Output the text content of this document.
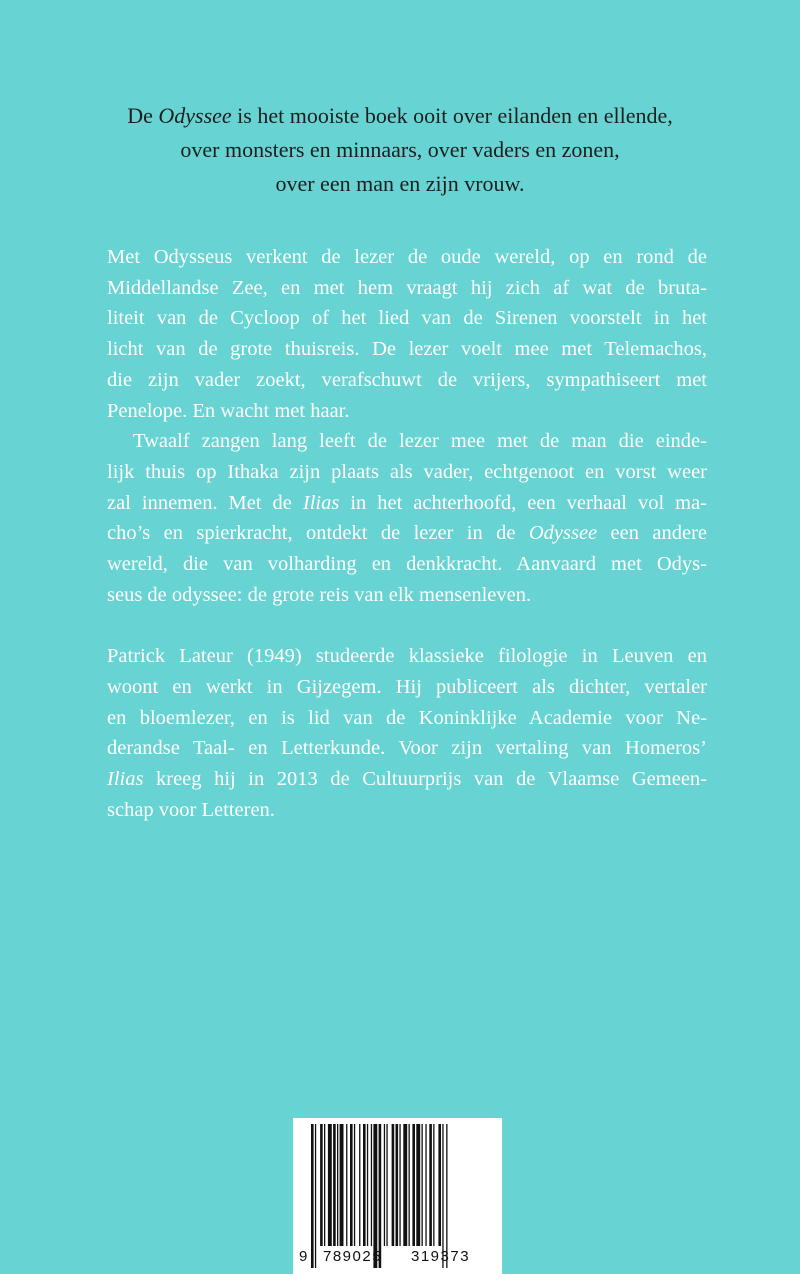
De Odyssee is het mooiste boek ooit over eilanden en ellende,
over monsters en minnaars, over vaders en zonen,
over een man en zijn vrouw.

Met Odysseus verkent de lezer de oude wereld, op en rond de
Middellandse Zee, en met hem vraagt hij zich af wat de bruta-
liteit van de Cycloop of het lied van de Sirenen voorstelt in het
licht van de grote thuisreis. De lezer voelt mee met Telemachos,
die zijn vader zoekt, verafschuwt de vrijers, sympathiseert met
Penelope. En wacht met haar.

Twaalf zangen lang leeft de lezer mee met de man die einde-
lijk thuis op Ithaka zijn plaats als vader, echtgenoot en vorst weer
zal innemen. Met de Ilias in het achterhoofd, een verhaal vol ma-
cho’s en spierkracht, ontdekt de lezer in de Odyssee een andere
wereld, die van volharding en denkkracht. Aanvaard met Odys-
seus de odyssee: de grote reis van elk mensenleven.

Patrick Lateur (1949) studeerde klassieke filologie in Leuven en
woont en werkt in Gijzegem. Hij publiceert als dichter, vertaler
en bloemlezer, en is lid van de Koninklijke Academie voor Ne-
derandse Taal- en Letterkunde. Voor zijn vertaling van Homeros’
Ilias kreeg hij in 2013 de Cultuurprijs van de Vlaamse Gemeen-
schap voor Letteren.

9 789025 319373
